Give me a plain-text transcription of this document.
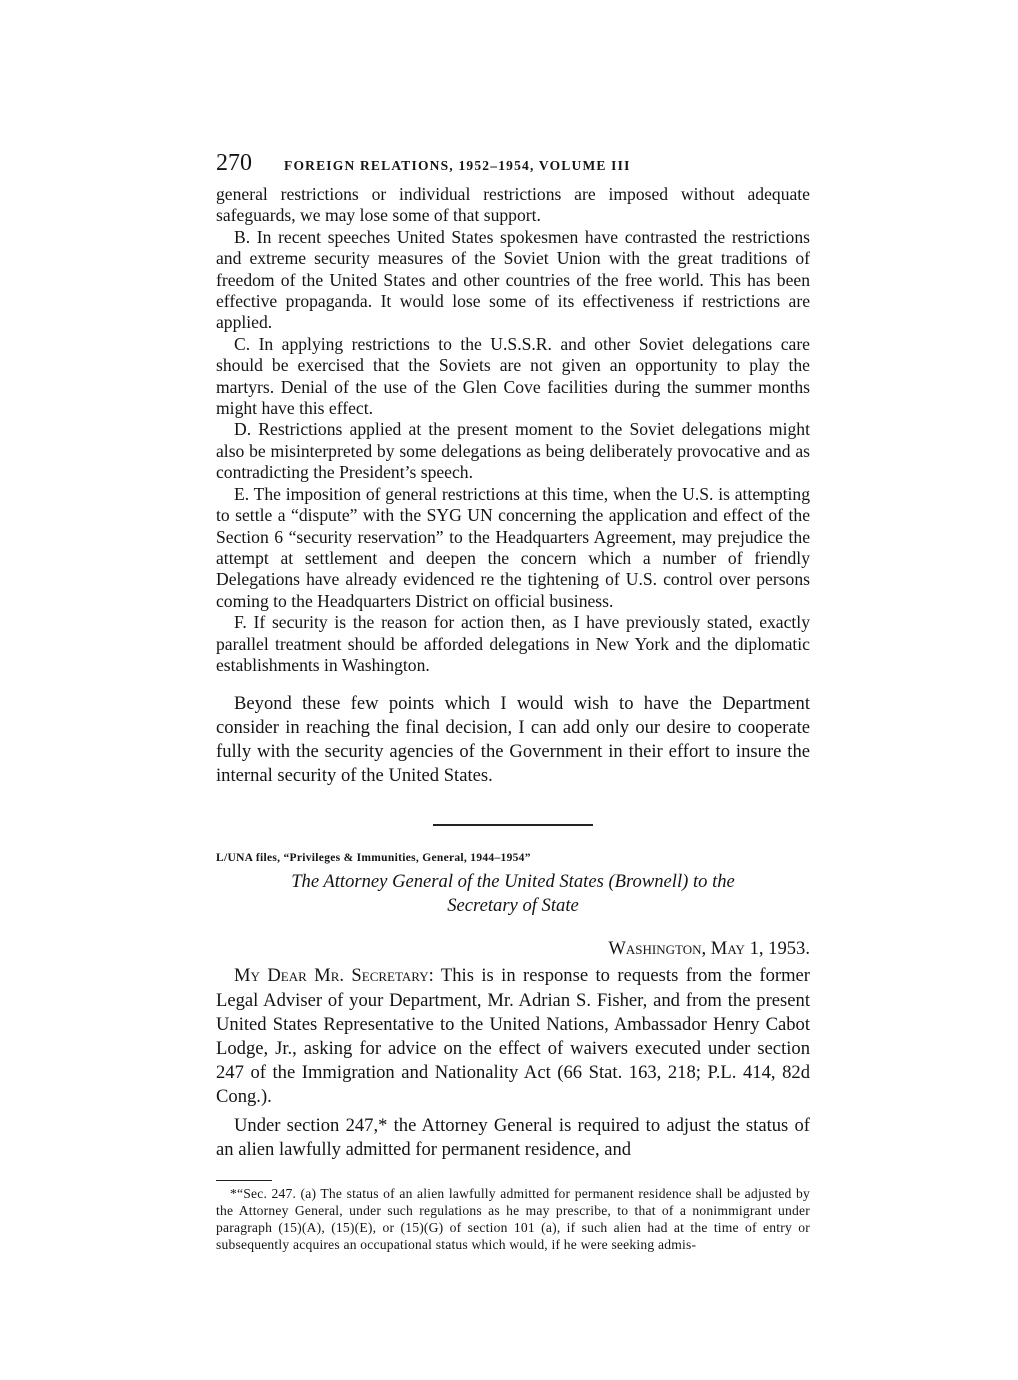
270	FOREIGN RELATIONS, 1952–1954, VOLUME III

general restrictions or individual restrictions are imposed without adequate safeguards, we may lose some of that support.

B. In recent speeches United States spokesmen have contrasted the restrictions and extreme security measures of the Soviet Union with the great traditions of freedom of the United States and other countries of the free world. This has been effective propaganda. It would lose some of its effectiveness if restrictions are applied.

C. In applying restrictions to the U.S.S.R. and other Soviet delegations care should be exercised that the Soviets are not given an opportunity to play the martyrs. Denial of the use of the Glen Cove facilities during the summer months might have this effect.

D. Restrictions applied at the present moment to the Soviet delegations might also be misinterpreted by some delegations as being deliberately provocative and as contradicting the President’s speech.

E. The imposition of general restrictions at this time, when the U.S. is attempting to settle a “dispute” with the SYG UN concerning the application and effect of the Section 6 “security reservation” to the Headquarters Agreement, may prejudice the attempt at settlement and deepen the concern which a number of friendly Delegations have already evidenced re the tightening of U.S. control over persons coming to the Headquarters District on official business.

F. If security is the reason for action then, as I have previously stated, exactly parallel treatment should be afforded delegations in New York and the diplomatic establishments in Washington.

Beyond these few points which I would wish to have the Department consider in reaching the final decision, I can add only our desire to cooperate fully with the security agencies of the Government in their effort to insure the internal security of the United States.

L/UNA files, “Privileges & Immunities, General, 1944–1954”

The Attorney General of the United States (Brownell) to the
Secretary of State

Washington, May 1, 1953.

My Dear Mr. Secretary: This is in response to requests from the former Legal Adviser of your Department, Mr. Adrian S. Fisher, and from the present United States Representative to the United Nations, Ambassador Henry Cabot Lodge, Jr., asking for advice on the effect of waivers executed under section 247 of the Immigration and Nationality Act (66 Stat. 163, 218; P.L. 414, 82d Cong.).

Under section 247,* the Attorney General is required to adjust the status of an alien lawfully admitted for permanent residence, and

*“Sec. 247. (a) The status of an alien lawfully admitted for permanent residence shall be adjusted by the Attorney General, under such regulations as he may prescribe, to that of a nonimmigrant under paragraph (15)(A), (15)(E), or (15)(G) of section 101 (a), if such alien had at the time of entry or subsequently acquires an occupational status which would, if he were seeking admis-
